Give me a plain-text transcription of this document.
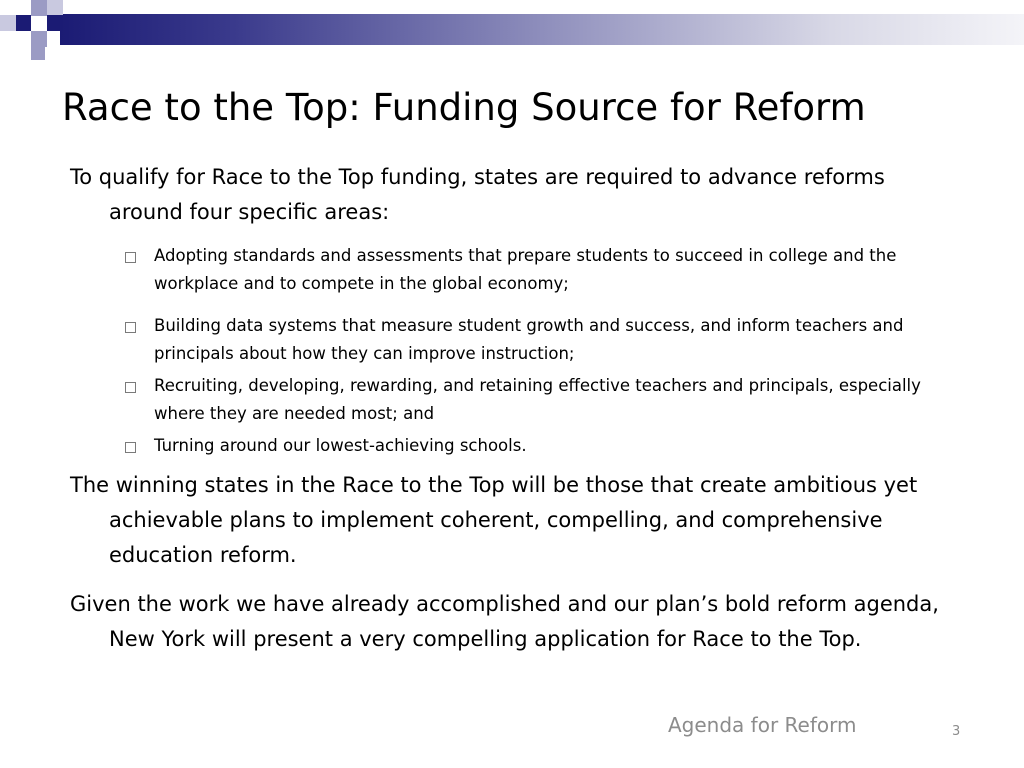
Race to the Top: Funding Source for Reform

To qualify for Race to the Top funding, states are required to advance reforms around four specific areas:

Adopting standards and assessments that prepare students to succeed in college and the workplace and to compete in the global economy;
Building data systems that measure student growth and success, and inform teachers and principals about how they can improve instruction;
Recruiting, developing, rewarding, and retaining effective teachers and principals, especially where they are needed most; and
Turning around our lowest-achieving schools.

The winning states in the Race to the Top will be those that create ambitious yet achievable plans to implement coherent, compelling, and comprehensive education reform.

Given the work we have already accomplished and our plan’s bold reform agenda, New York will present a very compelling application for Race to the Top.

Agenda for Reform	3
